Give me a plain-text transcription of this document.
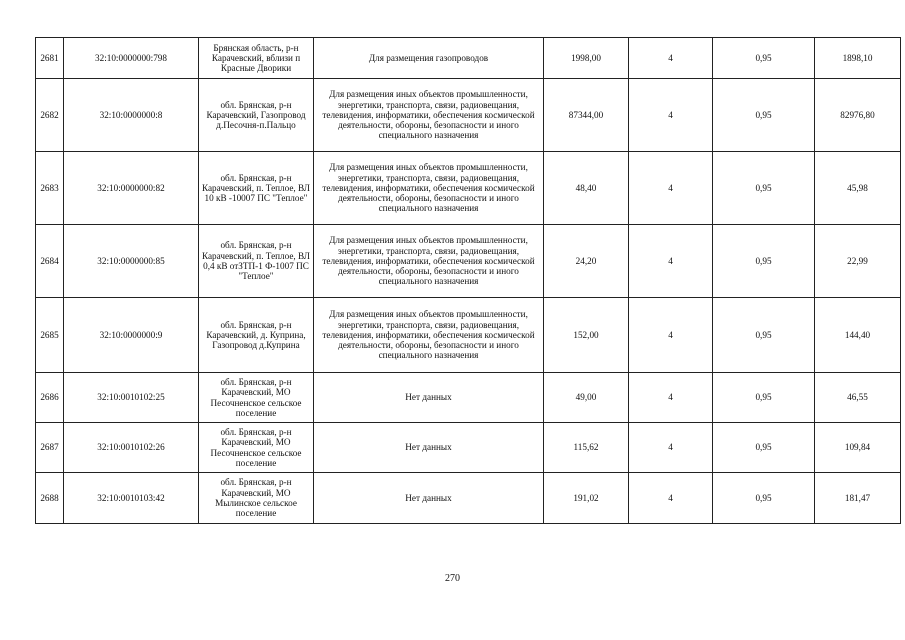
2681	32:10:0000000:798	Брянская область, р-н Карачевский, вблизи п Красные Дворики	Для размещения газопроводов	1998,00	4	0,95	1898,10
2682	32:10:0000000:8	обл. Брянская, р-н Карачевский, Газопровод д.Песочня-п.Пальцо	Для размещения иных объектов промышленности, энергетики, транспорта, связи, радиовещания, телевидения, информатики, обеспечения космической деятельности, обороны, безопасности и иного специального назначения	87344,00	4	0,95	82976,80
2683	32:10:0000000:82	обл. Брянская, р-н Карачевский, п. Теплое, ВЛ 10 кВ -10007 ПС "Теплое"	Для размещения иных объектов промышленности, энергетики, транспорта, связи, радиовещания, телевидения, информатики, обеспечения космической деятельности, обороны, безопасности и иного специального назначения	48,40	4	0,95	45,98
2684	32:10:0000000:85	обл. Брянская, р-н Карачевский, п. Теплое, ВЛ 0,4 кВ отЗТП-1 Ф-1007 ПС "Теплое"	Для размещения иных объектов промышленности, энергетики, транспорта, связи, радиовещания, телевидения, информатики, обеспечения космической деятельности, обороны, безопасности и иного специального назначения	24,20	4	0,95	22,99
2685	32:10:0000000:9	обл. Брянская, р-н Карачевский, д. Куприна, Газопровод д.Куприна	Для размещения иных объектов промышленности, энергетики, транспорта, связи, радиовещания, телевидения, информатики, обеспечения космической деятельности, обороны, безопасности и иного специального назначения	152,00	4	0,95	144,40
2686	32:10:0010102:25	обл. Брянская, р-н Карачевский, МО Песочненское сельское поселение	Нет данных	49,00	4	0,95	46,55
2687	32:10:0010102:26	обл. Брянская, р-н Карачевский, МО Песочненское сельское поселение	Нет данных	115,62	4	0,95	109,84
2688	32:10:0010103:42	обл. Брянская, р-н Карачевский, МО Мылинское сельское поселение	Нет данных	191,02	4	0,95	181,47
270
